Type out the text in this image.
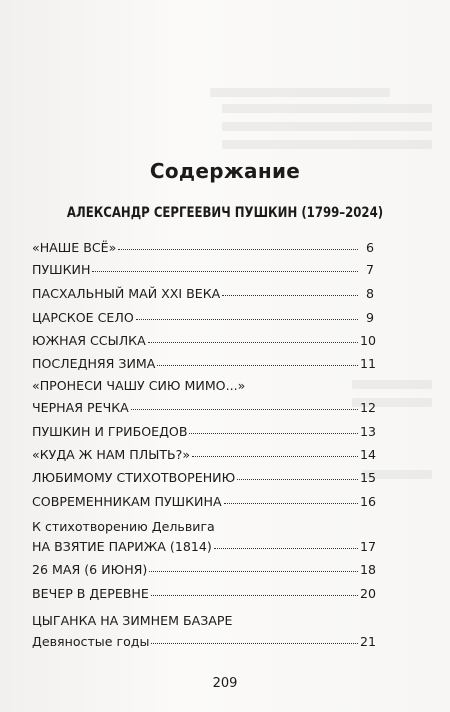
Содержание
АЛЕКСАНДР СЕРГЕЕВИЧ ПУШКИН (1799–2024)
«НАШЕ ВСЁ»	6
ПУШКИН	7
ПАСХАЛЬНЫЙ МАЙ XXI ВЕКА	8
ЦАРСКОЕ СЕЛО	9
ЮЖНАЯ ССЫЛКА	10
ПОСЛЕДНЯЯ ЗИМА	11
«ПРОНЕСИ ЧАШУ СИЮ МИМО...»
ЧЕРНАЯ РЕЧКА	12
ПУШКИН И ГРИБОЕДОВ	13
«КУДА Ж НАМ ПЛЫТЬ?»	14
ЛЮБИМОМУ СТИХОТВОРЕНИЮ	15
СОВРЕМЕННИКАМ ПУШКИНА	16
К стихотворению Дельвига
НА ВЗЯТИЕ ПАРИЖА (1814)	17
26 МАЯ (6 ИЮНЯ)	18
ВЕЧЕР В ДЕРЕВНЕ	20
ЦЫГАНКА НА ЗИМНЕМ БАЗАРЕ
Девяностые годы	21
209
